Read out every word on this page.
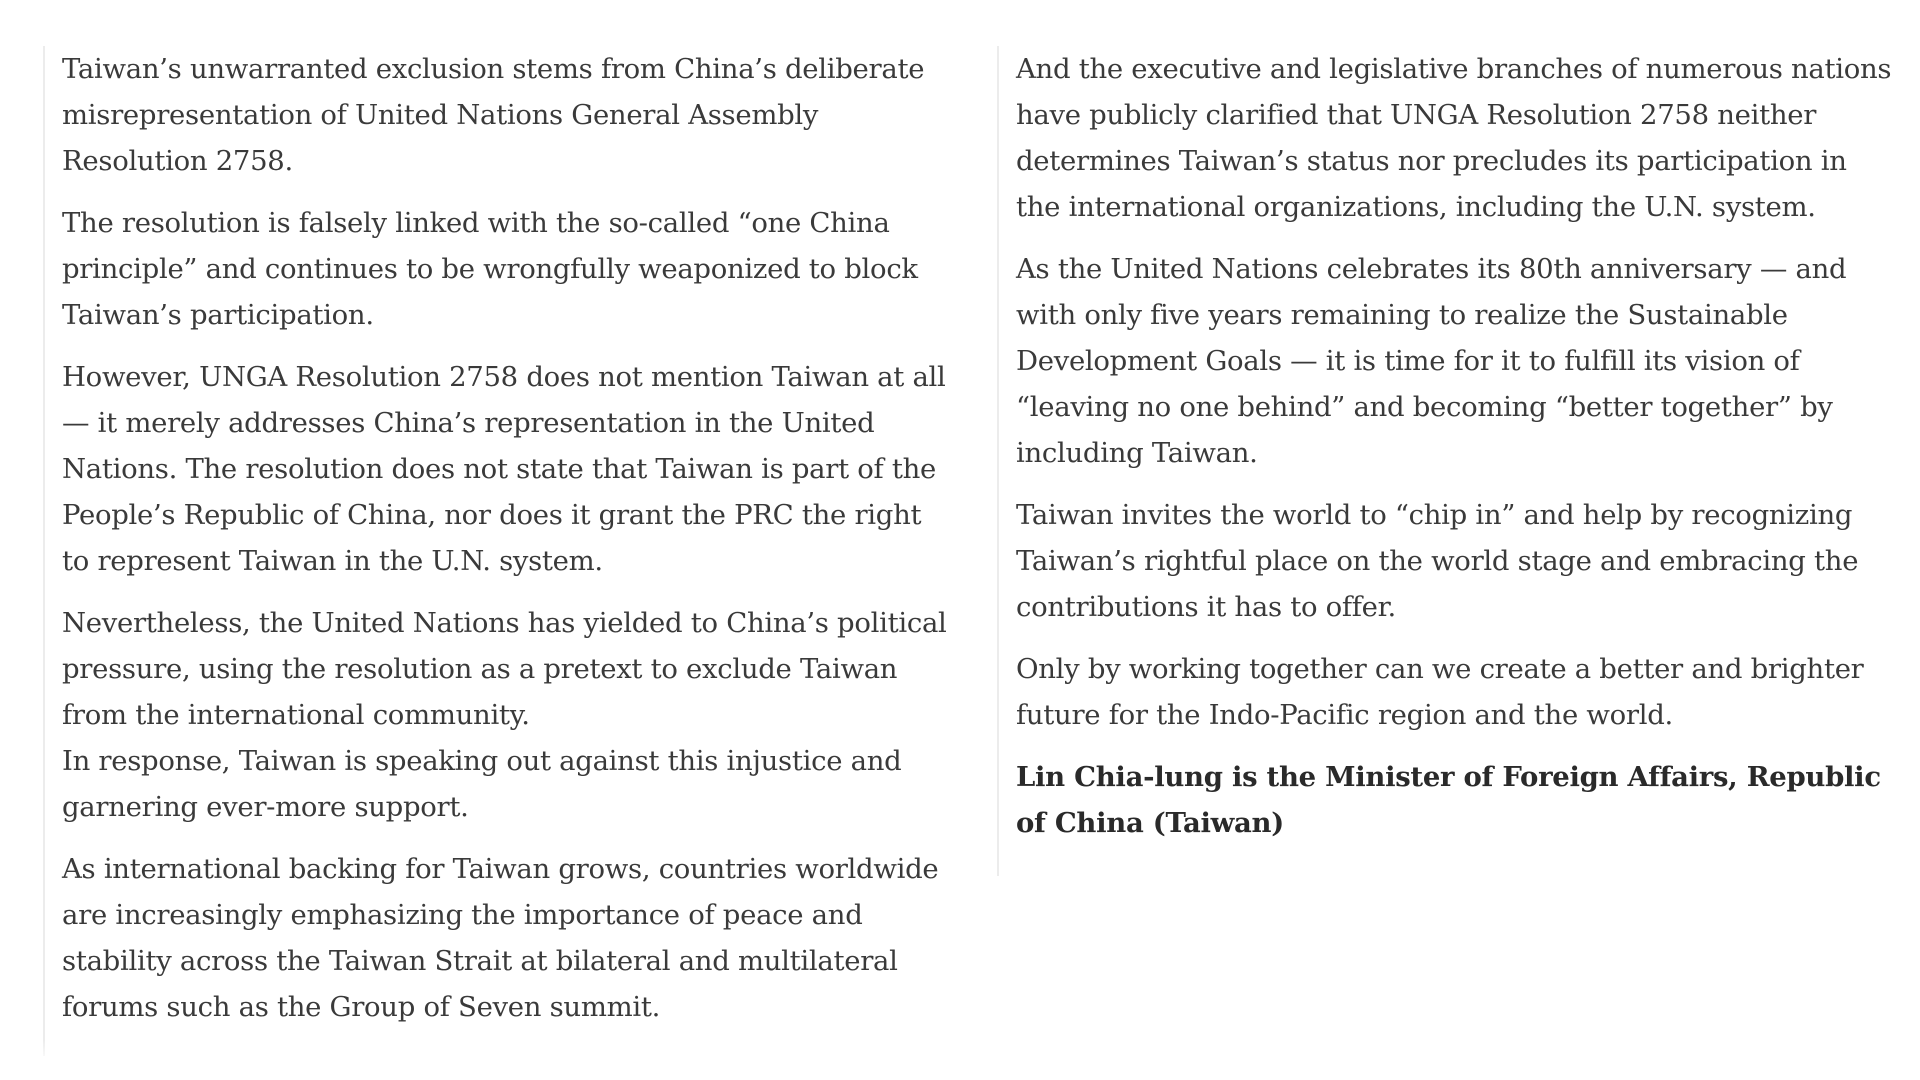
Taiwan’s unwarranted exclusion stems from China’s deliberate misrepresentation of United Nations General Assembly Resolution 2758.

The resolution is falsely linked with the so-called “one China principle” and continues to be wrongfully weaponized to block Taiwan’s participation.

However, UNGA Resolution 2758 does not mention Taiwan at all — it merely addresses China’s representation in the United Nations. The resolution does not state that Taiwan is part of the People’s Republic of China, nor does it grant the PRC the right to represent Taiwan in the U.N. system.

Nevertheless, the United Nations has yielded to China’s political pressure, using the resolution as a pretext to exclude Taiwan from the international community.

In response, Taiwan is speaking out against this injustice and garnering ever-more support.

As international backing for Taiwan grows, countries worldwide are increasingly emphasizing the importance of peace and stability across the Taiwan Strait at bilateral and multilateral forums such as the Group of Seven summit.

And the executive and legislative branches of numerous nations have publicly clarified that UNGA Resolution 2758 neither determines Taiwan’s status nor precludes its participation in the international organizations, including the U.N. system.

As the United Nations celebrates its 80th anniversary — and with only five years remaining to realize the Sustainable Development Goals — it is time for it to fulfill its vision of “leaving no one behind” and becoming “better together” by including Taiwan.

Taiwan invites the world to “chip in” and help by recognizing Taiwan’s rightful place on the world stage and embracing the contributions it has to offer.

Only by working together can we create a better and brighter future for the Indo-Pacific region and the world.

Lin Chia-lung is the Minister of Foreign Affairs, Republic of China (Taiwan)
